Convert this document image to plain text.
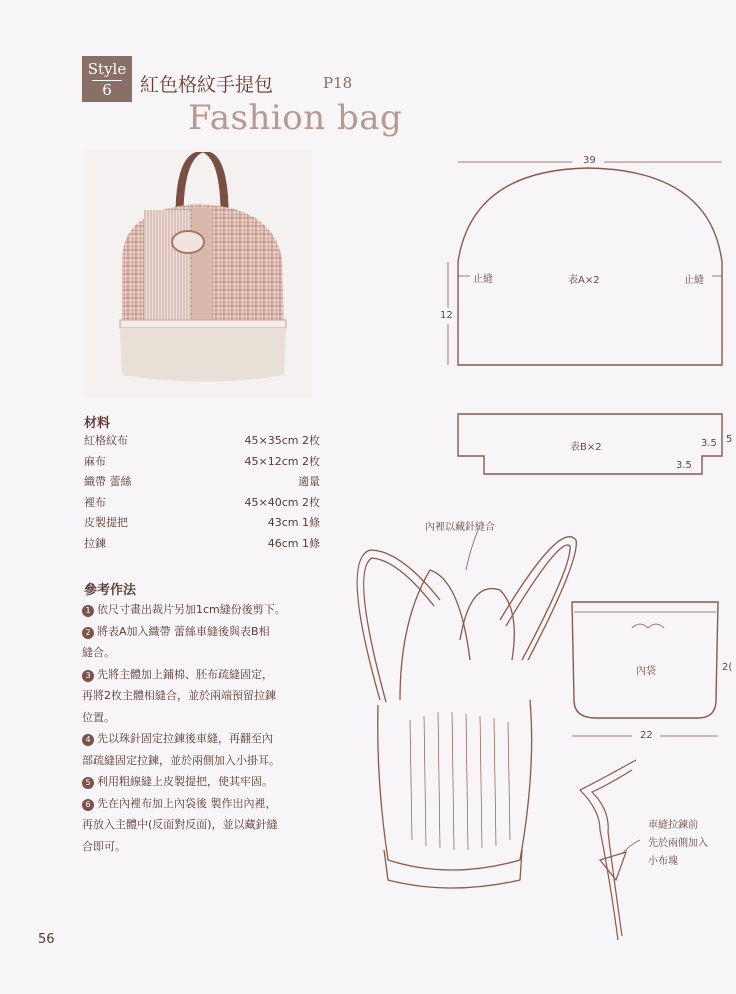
Style
6	紅色格紋手提包	P18
Fashion bag
材料
紅格紋布	45×35cm 2枚
麻布	45×12cm 2枚
織帶 蕾絲	適量
裡布	45×40cm 2枚
皮製提把	43cm 1條
拉鍊	46cm 1條
參考作法

1 依尺寸畫出裁片另加1cm縫份後剪下。

2 將表A加入織帶 蕾絲車縫後與表B相

縫合。

3 先將主體加上鋪棉、胚布疏縫固定，

再將2枚主體相縫合，並於兩端預留拉鍊

位置。

4 先以珠針固定拉鍊後車縫，再翻至內

部疏縫固定拉鍊，並於兩側加入小掛耳。

5 利用粗線縫上皮製提把，使其牢固。

6 先在內裡布加上內袋後 製作出內裡，

再放入主體中(反面對反面)，並以藏針縫

合即可。

56
39
12
止縫	止縫
表A×2
表B×2	3.5
3.5
5
內裡以藏針縫合
內袋
22
2(
車縫拉鍊前
先於兩側加入
小布塊
